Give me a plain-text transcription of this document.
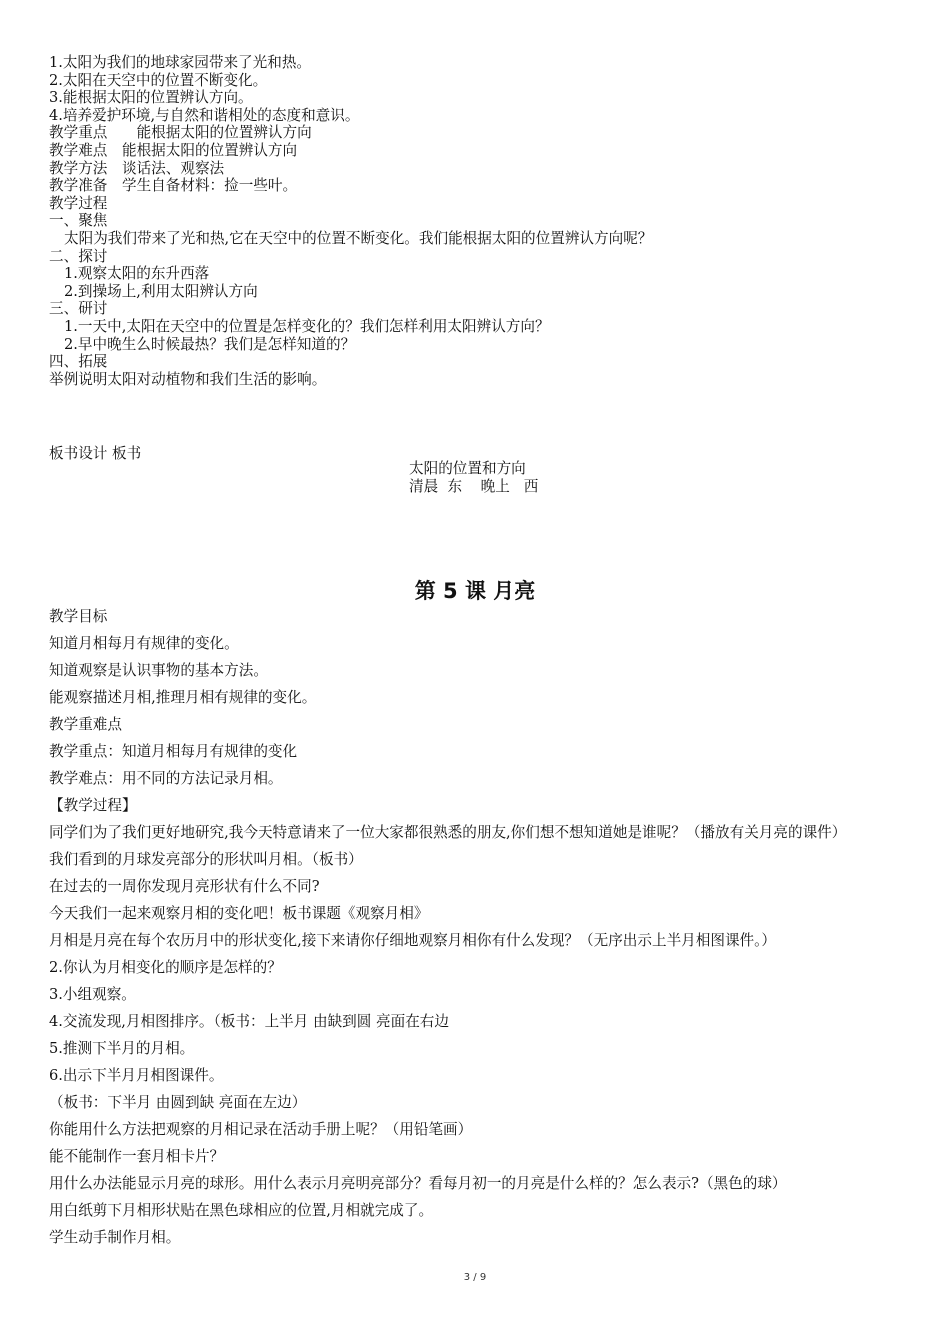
1.太阳为我们的地球家园带来了光和热。
2.太阳在天空中的位置不断变化。
3.能根据太阳的位置辨认方向。
4.培养爱护环境,与自然和谐相处的态度和意识。
教学重点　　能根据太阳的位置辨认方向
教学难点　能根据太阳的位置辨认方向
教学方法　谈话法、观察法
教学准备　学生自备材料：捡一些叶。
教学过程
一、聚焦
太阳为我们带来了光和热,它在天空中的位置不断变化。我们能根据太阳的位置辨认方向呢？
二、探讨
1.观察太阳的东升西落
2.到操场上,利用太阳辨认方向
三、研讨
1.一天中,太阳在天空中的位置是怎样变化的？我们怎样利用太阳辨认方向？
2.早中晚生么时候最热？我们是怎样知道的？
四、拓展
举例说明太阳对动植物和我们生活的影响。
板书设计 板书
太阳的位置和方向
清晨  东    晚上   西
第 5 课 月亮
教学目标
知道月相每月有规律的变化。
知道观察是认识事物的基本方法。
能观察描述月相,推理月相有规律的变化。
教学重难点
教学重点：知道月相每月有规律的变化
教学难点：用不同的方法记录月相。
【教学过程】
同学们为了我们更好地研究,我今天特意请来了一位大家都很熟悉的朋友,你们想不想知道她是谁呢？（播放有关月亮的课件）
我们看到的月球发亮部分的形状叫月相。（板书）
在过去的一周你发现月亮形状有什么不同?
今天我们一起来观察月相的变化吧！板书课题《观察月相》
月相是月亮在每个农历月中的形状变化,接下来请你仔细地观察月相你有什么发现？（无序出示上半月相图课件。）
2.你认为月相变化的顺序是怎样的？
3.小组观察。
4.交流发现,月相图排序。（板书：上半月 由缺到圆 亮面在右边
5.推测下半月的月相。
6.出示下半月月相图课件。
（板书：下半月 由圆到缺 亮面在左边）
你能用什么方法把观察的月相记录在活动手册上呢？（用铅笔画）
能不能制作一套月相卡片？
用什么办法能显示月亮的球形。用什么表示月亮明亮部分？看每月初一的月亮是什么样的？怎么表示?（黑色的球）
用白纸剪下月相形状贴在黑色球相应的位置,月相就完成了。
学生动手制作月相。
3 / 9
